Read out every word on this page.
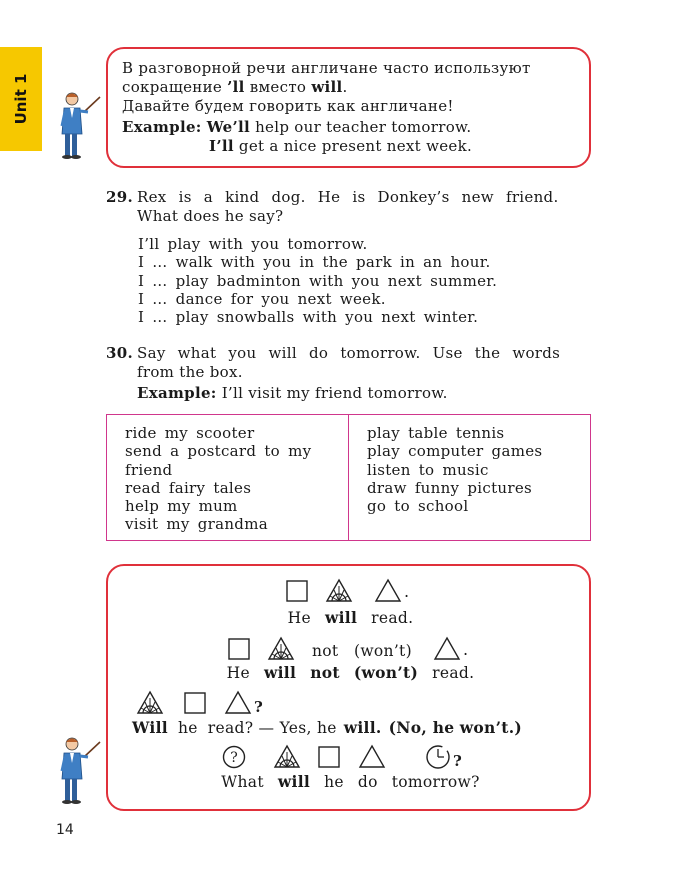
Unit 1
В разговорной речи англичане часто используют
сокращение ’ll вместо will.
Давайте будем говорить как англичане!
Example: We’ll help our teacher tomorrow.
I’ll get a nice present next week.
29. Rex is a kind dog. He is Donkey’s new friend.
What does he say?
I’ll play with you tomorrow.
I … walk with you in the park in an hour.
I … play badminton with you next summer.
I … dance for you next week.
I … play snowballs with you next winter.
30. Say what you will do tomorrow. Use the words
from the box.
Example: I’ll visit my friend tomorrow.
ride my scooter
send a postcard to my
friend
read fairy tales
help my mum
visit my grandma
play table tennis
play computer games
listen to music
draw funny pictures
go to school
.
He will read.
not (won’t)	.
He will not (won’t) read.
?
Will he read? — Yes, he will. (No, he won’t.)
?	?
What will he do tomorrow?
14
